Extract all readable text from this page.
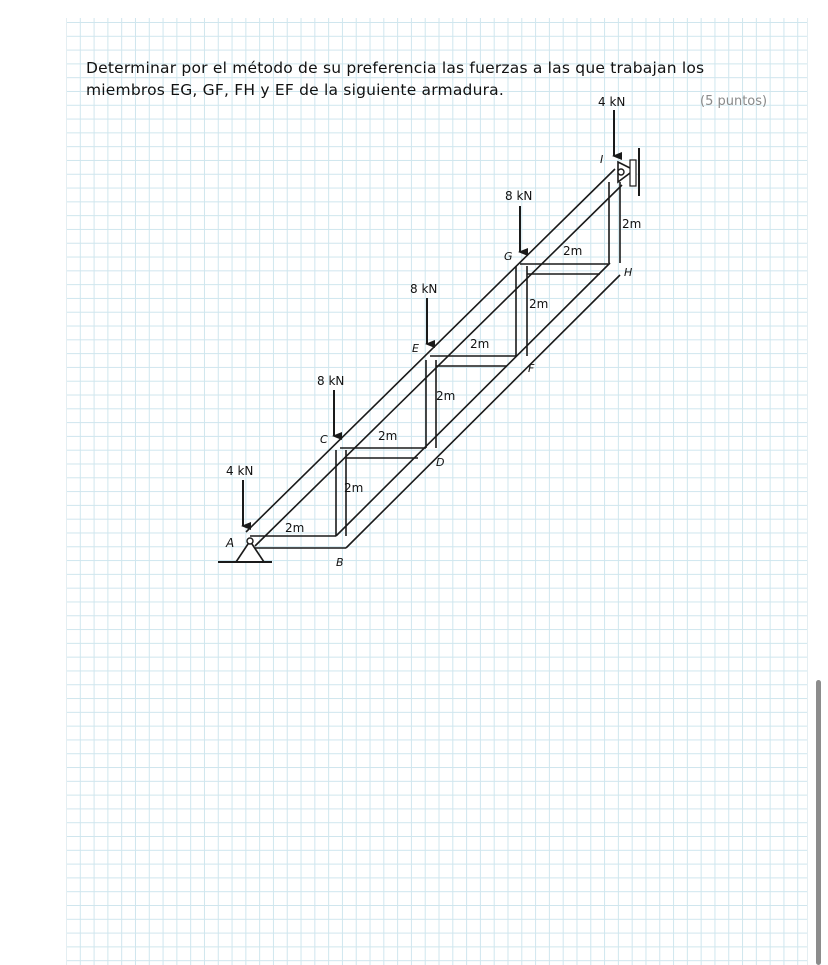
Determinar por el método de su preferencia las fuerzas a las que trabajan los miembros EG, GF, FH y EF de la siguiente armadura.
(5 puntos)
4 kN
8 kN
8 kN
8 kN
4 kN
A
B
C
D
E
F
G
H
I
2m
2m
2m
2m
2m
2m
2m
2m
